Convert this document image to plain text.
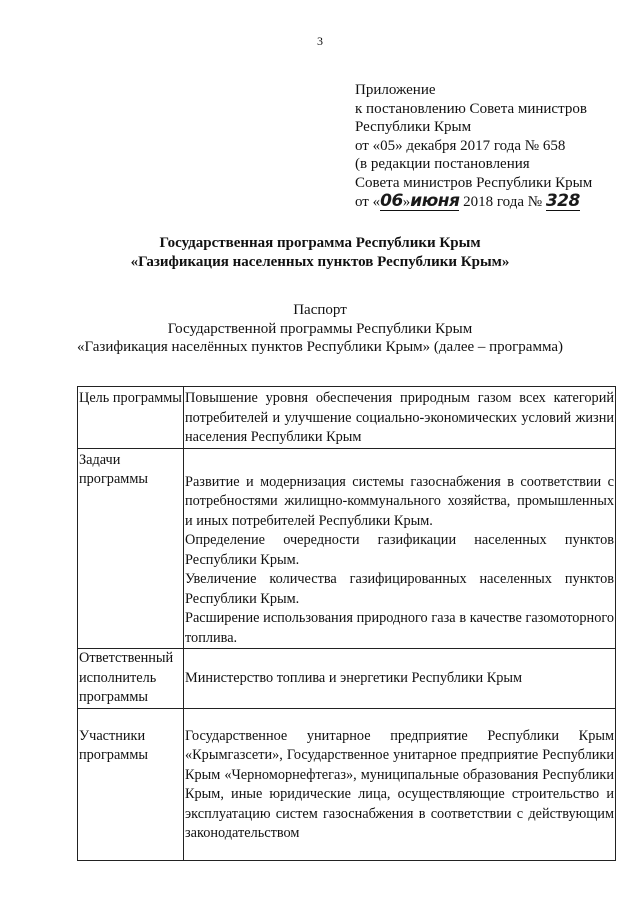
3
Приложение
к постановлению Совета министров
Республики Крым
от «05» декабря 2017 года № 658
(в редакции постановления
Совета министров Республики Крым
от «06»июня 2018 года № 328
Государственная программа Республики Крым
«Газификация населенных пунктов Республики Крым»
Паспорт
Государственной программы Республики Крым
«Газификация населённых пунктов Республики Крым» (далее – программа)
Цель программы	Повышение уровня обеспечения природным газом всех категорий потребителей и улучшение социально-экономических условий жизни населения Республики Крым

Задачи программы	Развитие и модернизация системы газоснабжения в соответствии с потребностями жилищно-коммунального хозяйства, промышленных и иных потребителей Республики Крым.

Определение очередности газификации населенных пунктов Республики Крым.

Увеличение количества газифицированных населенных пунктов Республики Крым.

Расширение использования природного газа в качестве газомоторного топлива.

Ответственный исполнитель программы	Министерство топлива и энергетики Республики Крым

Участники программы	Государственное унитарное предприятие Республики Крым «Крымгазсети», Государственное унитарное предприятие Республики Крым «Черноморнефтегаз», муниципальные образования Республики Крым, иные юридические лица, осуществляющие строительство и эксплуатацию систем газоснабжения в соответствии с действующим законодательством
